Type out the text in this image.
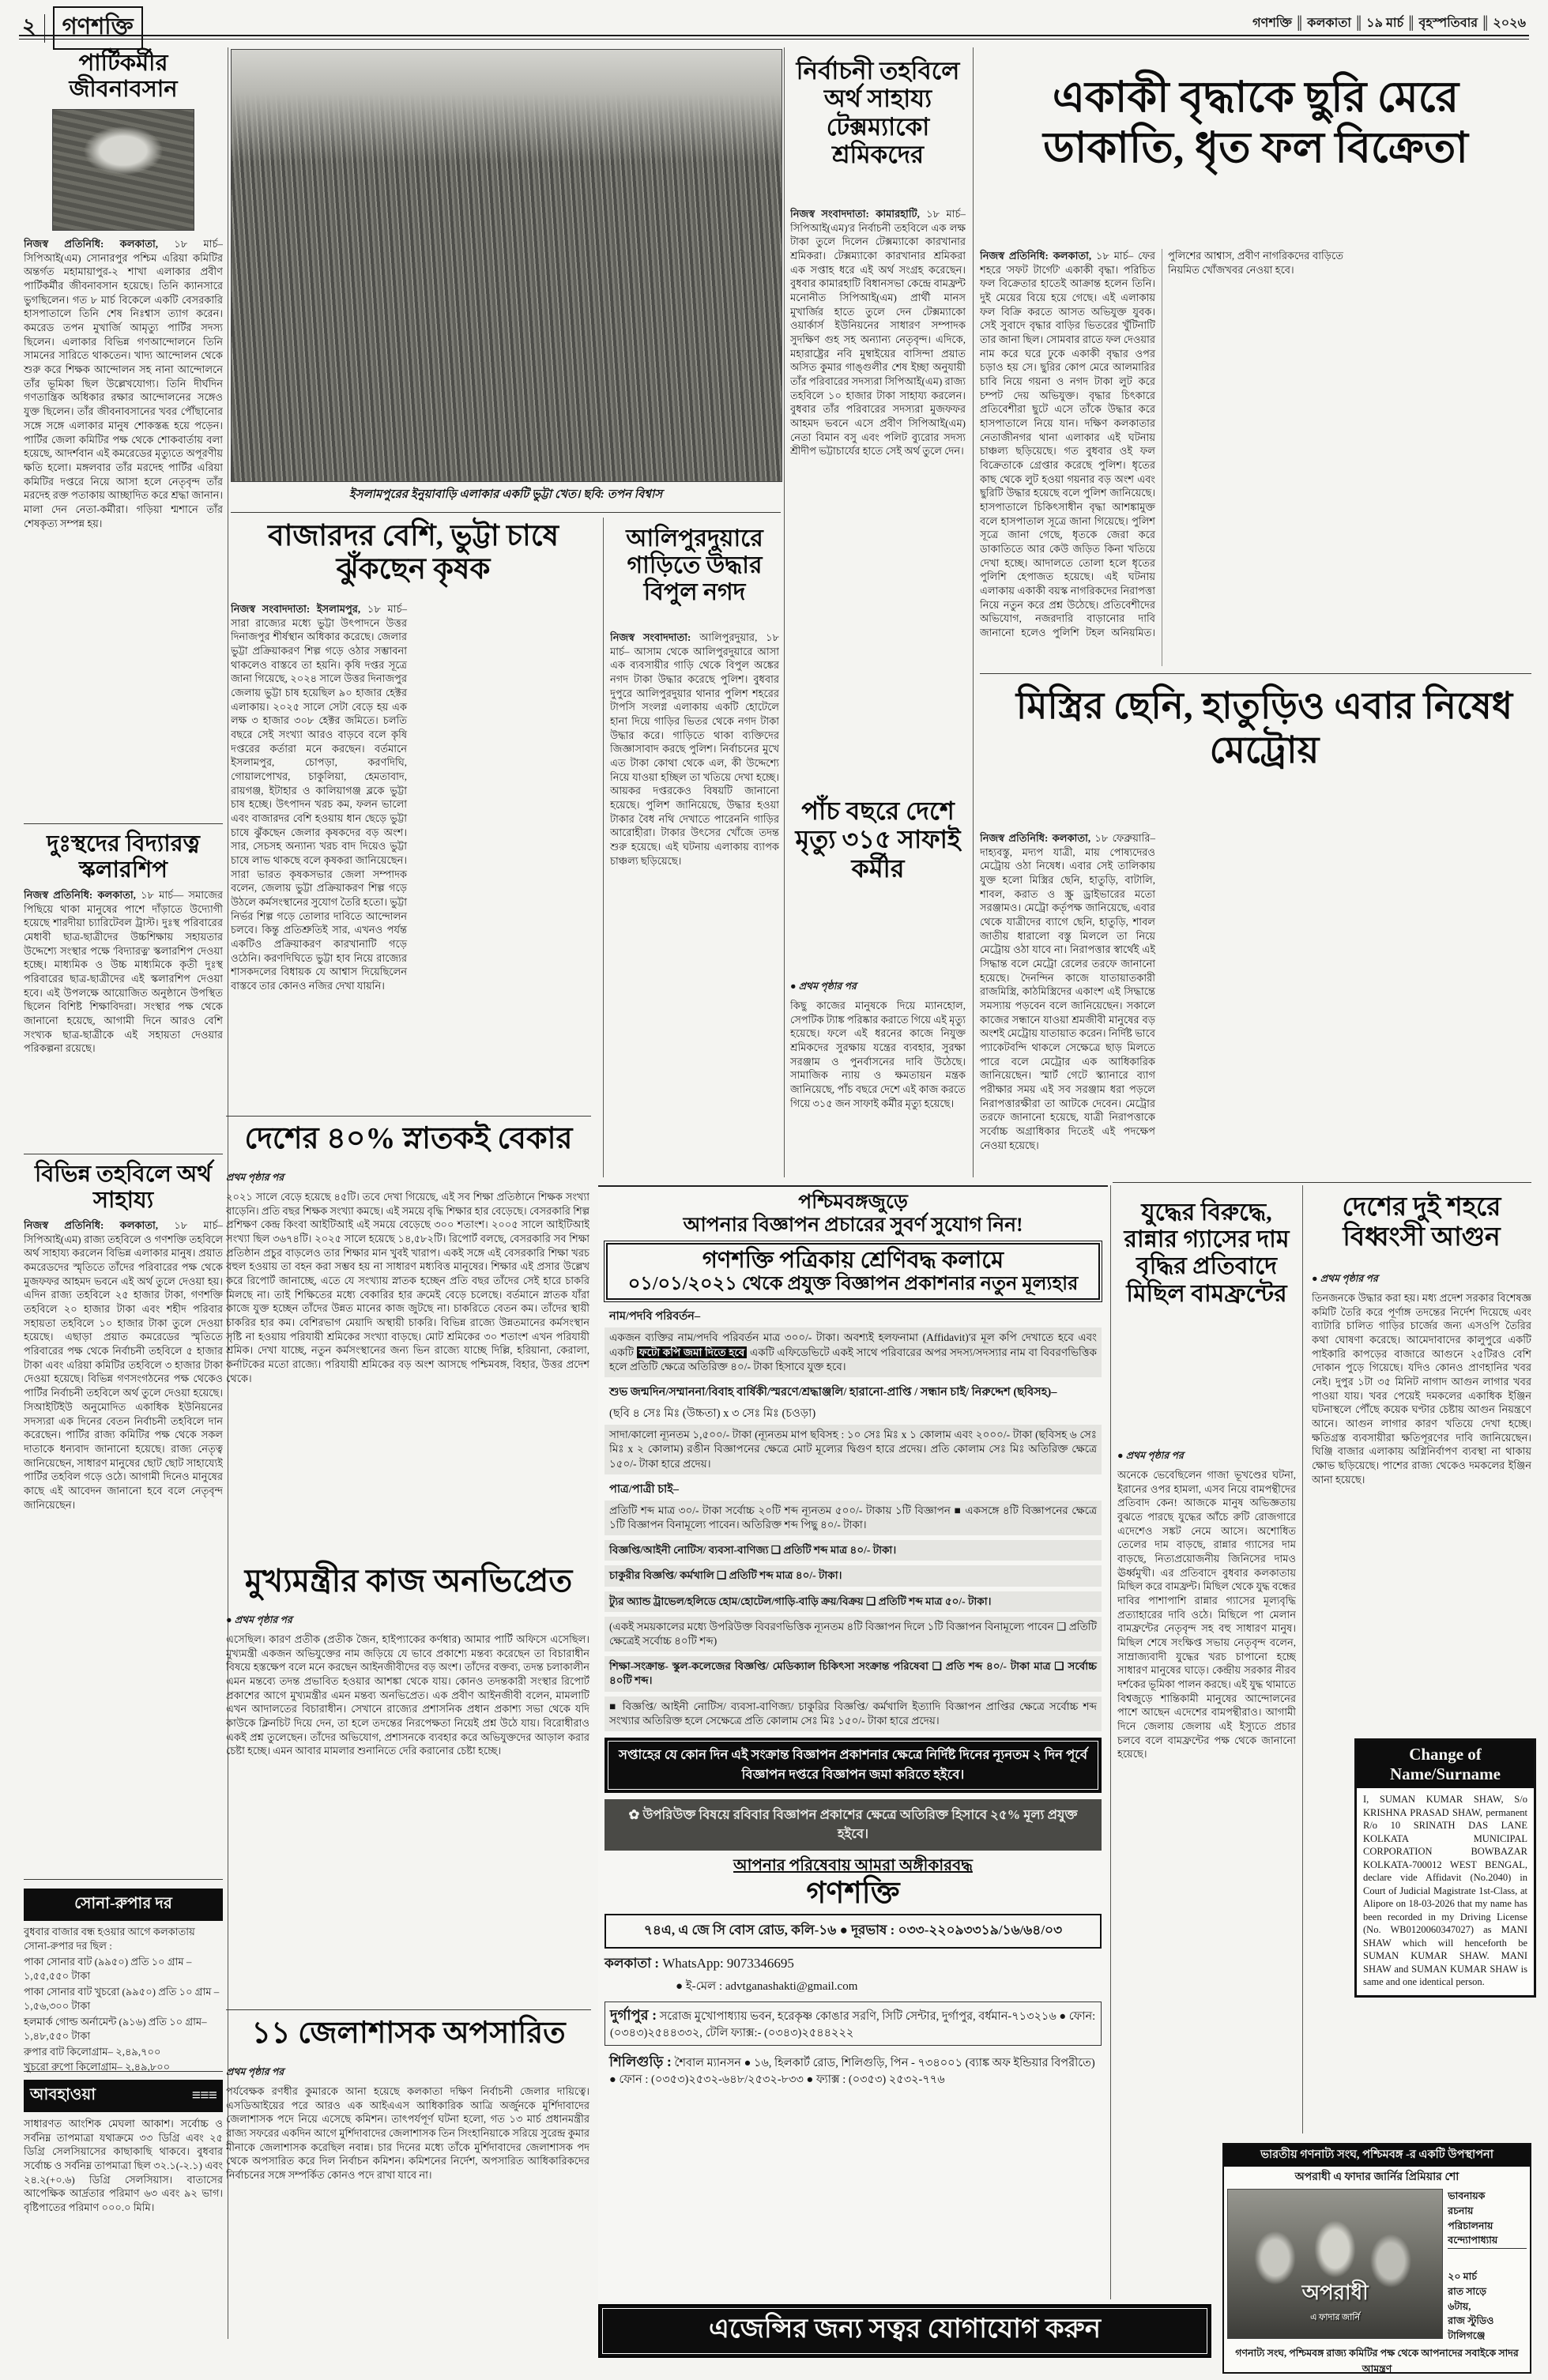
২	গণশক্তি	গণশক্তি ║ কলকাতা ║ ১৯ মার্চ ║ বৃহস্পতিবার ║ ২০২৬
পার্টিকর্মীর জীবনাবসান

নিজস্ব প্রতিনিধি: কলকাতা, ১৮ মার্চ– সিপিআই(এম) সোনারপুর পশ্চিম এরিয়া কমিটির অন্তর্গত মহামায়াপুর-২ শাখা এলাকার প্রবীণ পার্টিকর্মীর জীবনাবসান হয়েছে। তিনি ক্যানসারে ভুগছিলেন। গত ৮ মার্চ বিকেলে একটি বেসরকারি হাসপাতালে তিনি শেষ নিঃশ্বাস ত্যাগ করেন। কমরেড তপন মুখার্জি আমৃত্যু পার্টির সদস্য ছিলেন। এলাকার বিভিন্ন গণআন্দোলনে তিনি সামনের সারিতে থাকতেন। খাদ্য আন্দোলন থেকে শুরু করে শিক্ষক আন্দোলন সহ নানা আন্দোলনে তাঁর ভূমিকা ছিল উল্লেখযোগ্য। তিনি দীর্ঘদিন গণতান্ত্রিক অধিকার রক্ষার আন্দোলনের সঙ্গেও যুক্ত ছিলেন। তাঁর জীবনাবসানের খবর পৌঁছানোর সঙ্গে সঙ্গে এলাকার মানুষ শোকস্তব্ধ হয়ে পড়েন। পার্টির জেলা কমিটির পক্ষ থেকে শোকবার্তায় বলা হয়েছে, আদর্শবান এই কমরেডের মৃত্যুতে অপূরণীয় ক্ষতি হলো। মঙ্গলবার তাঁর মরদেহ পার্টির এরিয়া কমিটির দপ্তরে নিয়ে আসা হলে নেতৃবৃন্দ তাঁর মরদেহ রক্ত পতাকায় আচ্ছাদিত করে শ্রদ্ধা জানান। মালা দেন নেতা-কর্মীরা। গড়িয়া শ্মশানে তাঁর শেষকৃত্য সম্পন্ন হয়।

দুঃস্থদের বিদ্যারত্ন স্কলারশিপ

নিজস্ব প্রতিনিধি: কলকাতা, ১৮ মার্চ— সমাজের পিছিয়ে থাকা মানুষের পাশে দাঁড়াতে উদ্যোগী হয়েছে শারদীয়া চ্যারিটেবল ট্রাস্ট। দুঃস্থ পরিবারের মেধাবী ছাত্র-ছাত্রীদের উচ্চশিক্ষায় সহায়তার উদ্দেশ্যে সংস্থার পক্ষে 'বিদ্যারত্ন' স্কলারশিপ দেওয়া হচ্ছে। মাধ্যমিক ও উচ্চ মাধ্যমিকে কৃতী দুঃস্থ পরিবারের ছাত্র-ছাত্রীদের এই স্কলারশিপ দেওয়া হবে। এই উপলক্ষে আয়োজিত অনুষ্ঠানে উপস্থিত ছিলেন বিশিষ্ট শিক্ষাবিদরা। সংস্থার পক্ষ থেকে জানানো হয়েছে, আগামী দিনে আরও বেশি সংখ্যক ছাত্র-ছাত্রীকে এই সহায়তা দেওয়ার পরিকল্পনা রয়েছে।

বিভিন্ন তহবিলে অর্থ সাহায্য

নিজস্ব প্রতিনিধি: কলকাতা, ১৮ মার্চ– সিপিআই(এম) রাজ্য তহবিলে ও গণশক্তি তহবিলে অর্থ সাহায্য করলেন বিভিন্ন এলাকার মানুষ। প্রয়াত কমরেডদের স্মৃতিতে তাঁদের পরিবারের পক্ষ থেকে মুজফফর আহমদ ভবনে এই অর্থ তুলে দেওয়া হয়। এদিন রাজ্য তহবিলে ২৫ হাজার টাকা, গণশক্তি তহবিলে ২০ হাজার টাকা এবং শহীদ পরিবার সহায়তা তহবিলে ১০ হাজার টাকা তুলে দেওয়া হয়েছে। এছাড়া প্রয়াত কমরেডের স্মৃতিতে পরিবারের পক্ষ থেকে নির্বাচনী তহবিলে ৫ হাজার টাকা এবং এরিয়া কমিটির তহবিলে ৩ হাজার টাকা দেওয়া হয়েছে। বিভিন্ন গণসংগঠনের পক্ষ থেকেও পার্টির নির্বাচনী তহবিলে অর্থ তুলে দেওয়া হয়েছে। সিআইটিইউ অনুমোদিত একাধিক ইউনিয়নের সদস্যরা এক দিনের বেতন নির্বাচনী তহবিলে দান করেছেন। পার্টির রাজ্য কমিটির পক্ষ থেকে সকল দাতাকে ধন্যবাদ জানানো হয়েছে। রাজ্য নেতৃত্ব জানিয়েছেন, সাধারণ মানুষের ছোট ছোট সাহায্যেই পার্টির তহবিল গড়ে ওঠে। আগামী দিনেও মানুষের কাছে এই আবেদন জানানো হবে বলে নেতৃবৃন্দ জানিয়েছেন।

সোনা-রুপার দর
বুধবার বাজার বন্ধ হওয়ার আগে কলকাতায় সোনা-রুপার দর ছিল :
পাকা সোনার বাট (৯৯৫০) প্রতি ১০ গ্রাম – ১,৫৫,৫৫০ টাকা
পাকা সোনার বাট খুচরো (৯৯৫০) প্রতি ১০ গ্রাম – ১,৫৬,৩০০ টাকা
হলমার্ক গোল্ড অর্নামেন্ট (৯১৬) প্রতি ১০ গ্রাম– ১,৪৮,৫৫০ টাকা
রুপার বাট কিলোগ্রাম– ২,৪৯,৭০০
খুচরো রুপো কিলোগ্রাম– ২,৪৯,৮০০
আবহাওয়া	≡≡≡

সাধারণত আংশিক মেঘলা আকাশ। সর্বোচ্চ ও সর্বনিম্ন তাপমাত্রা যথাক্রমে ৩৩ ডিগ্রি এবং ২৫ ডিগ্রি সেলসিয়াসের কাছাকাছি থাকবে। বুধবার সর্বোচ্চ ও সর্বনিম্ন তাপমাত্রা ছিল ৩২.১(-২.১) এবং ২৪.২(+০.৬) ডিগ্রি সেলসিয়াস। বাতাসের আপেক্ষিক আর্দ্রতার পরিমাণ ৬৩ এবং ৯২ ভাগ। বৃষ্টিপাতের পরিমাণ ০০০.০ মিমি।

ইসলামপুরের ইনুয়াবাড়ি এলাকার একটি ভুট্টা খেত। ছবি: তপন বিশ্বাস
বাজারদর বেশি, ভুট্টা চাষে ঝুঁকছেন কৃষক
নিজস্ব সংবাদদাতা: ইসলামপুর, ১৮ মার্চ– সারা রাজ্যের মধ্যে ভুট্টা উৎপাদনে উত্তর দিনাজপুর শীর্ষস্থান অধিকার করেছে। জেলার ভুট্টা প্রক্রিয়াকরণ শিল্প গড়ে ওঠার সম্ভাবনা থাকলেও বাস্তবে তা হয়নি। কৃষি দপ্তর সূত্রে জানা গিয়েছে, ২০২৪ সালে উত্তর দিনাজপুর জেলায় ভুট্টা চাষ হয়েছিল ৯০ হাজার হেক্টর এলাকায়। ২০২৫ সালে সেটা বেড়ে হয় এক লক্ষ ৩ হাজার ৩০৮ হেক্টর জমিতে। চলতি বছরে সেই সংখ্যা আরও বাড়বে বলে কৃষি দপ্তরের কর্তারা মনে করছেন। বর্তমানে ইসলামপুর, চোপড়া, করণদিঘি, গোয়ালপোখর, চাকুলিয়া, হেমতাবাদ, রায়গঞ্জ, ইটাহার ও কালিয়াগঞ্জ ব্লকে ভুট্টা চাষ হচ্ছে। উৎপাদন খরচ কম, ফলন ভালো এবং বাজারদর বেশি হওয়ায় ধান ছেড়ে ভুট্টা চাষে ঝুঁকছেন জেলার কৃষকদের বড় অংশ। সার, সেচসহ অন্যান্য খরচ বাদ দিয়েও ভুট্টা চাষে লাভ থাকছে বলে কৃষকরা জানিয়েছেন। সারা ভারত কৃষকসভার জেলা সম্পাদক বলেন, জেলায় ভুট্টা প্রক্রিয়াকরণ শিল্প গড়ে উঠলে কর্মসংস্থানের সুযোগ তৈরি হতো। ভুট্টা নির্ভর শিল্প গড়ে তোলার দাবিতে আন্দোলন চলবে। কিন্তু প্রতিশ্রুতিই সার, এখনও পর্যন্ত একটিও প্রক্রিয়াকরণ কারখানাটি গড়ে ওঠেনি। করণদিঘিতে ভুট্টা হাব নিয়ে রাজ্যের শাসকদলের বিধায়ক যে আশ্বাস দিয়েছিলেন বাস্তবে তার কোনও নজির দেখা যায়নি।
দেশের ৪০% স্নাতকই বেকার
প্রথম পৃষ্ঠার পর

২০২১ সালে বেড়ে হয়েছে ৪৫টি। তবে দেখা গিয়েছে, এই সব শিক্ষা প্রতিষ্ঠানে শিক্ষক সংখ্যা বাড়েনি। প্রতি বছর শিক্ষক সংখ্যা কমছে। এই সময়ে বৃদ্ধি শিক্ষার হার বেড়েছে। বেসরকারি শিল্প প্রশিক্ষণ কেন্দ্র কিংবা আইটিআই এই সময়ে বেড়েছে ৩০০ শতাংশ। ২০০৫ সালে আইটিআই সংখ্যা ছিল ৩৬৭৪টি। ২০২৫ সালে হয়েছে ১৪,৫৮২টি। রিপোর্ট বলছে, বেসরকারি সব শিক্ষা প্রতিষ্ঠান প্রচুর বাড়লেও তার শিক্ষার মান খুবই খারাপ। একই সঙ্গে এই বেসরকারি শিক্ষা খরচ বহুল হওয়ায় তা বহন করা সম্ভব হয় না সাধারণ মধ্যবিত্ত মানুষের। শিক্ষার এই প্রসার উল্লেখ করে রিপোর্ট জানাচ্ছে, এতে যে সংখ্যায় স্নাতক হচ্ছেন প্রতি বছর তাঁদের সেই হারে চাকরি মিলছে না। তাই শিক্ষিতের মধ্যে বেকারির হার ক্রমেই বেড়ে চলেছে। বর্তমানে স্নাতক যাঁরা কাজে যুক্ত হচ্ছেন তাঁদের উন্নত মানের কাজ জুটছে না। চাকরিতে বেতন কম। তাঁদের স্থায়ী চাকরির হার কম। বেশিরভাগ মেয়াদি অস্থায়ী চাকরি। বিভিন্ন রাজ্যে উন্নতমানের কর্মসংস্থান সৃষ্টি না হওয়ায় পরিযায়ী শ্রমিকের সংখ্যা বাড়ছে। মোট শ্রমিকের ৩০ শতাংশ এখন পরিযায়ী শ্রমিক। দেখা যাচ্ছে, নতুন কর্মসংস্থানের জন্য ভিন রাজ্যে যাচ্ছে দিল্লি, হরিয়ানা, কেরালা, কর্নাটকের মতো রাজ্যে। পরিযায়ী শ্রমিকের বড় অংশ আসছে পশ্চিমবঙ্গ, বিহার, উত্তর প্রদেশ থেকে।

মুখ্যমন্ত্রীর কাজ অনভিপ্রেত
● প্রথম পৃষ্ঠার পর

এসেছিল। কারণ প্রতীক (প্রতীক জৈন, হাইপ্যাকের কর্ণধার) আমার পার্টি অফিসে এসেছিল। মুখ্যমন্ত্রী একজন অভিযুক্তের নাম জড়িয়ে যে ভাবে প্রকাশ্যে মন্তব্য করেছেন তা বিচারাধীন বিষয়ে হস্তক্ষেপ বলে মনে করছেন আইনজীবীদের বড় অংশ। তাঁদের বক্তব্য, তদন্ত চলাকালীন এমন মন্তব্যে তদন্ত প্রভাবিত হওয়ার আশঙ্কা থেকে যায়। কোনও তদন্তকারী সংস্থার রিপোর্ট প্রকাশের আগে মুখ্যমন্ত্রীর এমন মন্তব্য অনভিপ্রেত। এক প্রবীণ আইনজীবী বলেন, মামলাটি এখন আদালতের বিচারাধীন। সেখানে রাজ্যের প্রশাসনিক প্রধান প্রকাশ্য সভা থেকে যদি কাউকে ক্লিনচিট দিয়ে দেন, তা হলে তদন্তের নিরপেক্ষতা নিয়েই প্রশ্ন উঠে যায়। বিরোধীরাও একই প্রশ্ন তুলেছেন। তাঁদের অভিযোগ, প্রশাসনকে ব্যবহার করে অভিযুক্তদের আড়াল করার চেষ্টা হচ্ছে। এমন আবার মামলার শুনানিতে দেরি করানোর চেষ্টা হচ্ছে।

১১ জেলাশাসক অপসারিত
প্রথম পৃষ্ঠার পর

পর্যবেক্ষক রণধীর কুমারকে আনা হয়েছে কলকাতা দক্ষিণ নির্বাচনী জেলার দায়িত্বে। এসডিআইয়ের পরে আরও এক আইএএস আধিকারিক আত্রি অর্জুনকে মুর্শিদাবাদের জেলাশাসক পদে নিয়ে এসেছে কমিশন। তাৎপর্যপূর্ণ ঘটনা হলো, গত ১৩ মার্চ প্রধানমন্ত্রীর রাজ্য সফরের একদিন আগে মুর্শিদাবাদের জেলাশাসক তিন সিংহানিয়াকে সরিয়ে সুরেন্দ্র কুমার মীনাকে জেলাশাসক করেছিল নবান্ন। চার দিনের মধ্যে তাঁকে মুর্শিদাবাদের জেলাশাসক পদ থেকে অপসারিত করে দিল নির্বাচন কমিশন। কমিশনের নির্দেশ, অপসারিত আধিকারিকদের নির্বাচনের সঙ্গে সম্পর্কিত কোনও পদে রাখা যাবে না।

আলিপুরদুয়ারে গাড়িতে উদ্ধার বিপুল নগদ

নিজস্ব সংবাদদাতা: আলিপুরদুয়ার, ১৮ মার্চ– আসাম থেকে আলিপুরদুয়ারে আসা এক ব্যবসায়ীর গাড়ি থেকে বিপুল অঙ্কের নগদ টাকা উদ্ধার করেছে পুলিশ। বুধবার দুপুরে আলিপুরদুয়ার থানার পুলিশ শহরের টাপসি সংলগ্ন এলাকায় একটি হোটেলে হানা দিয়ে গাড়ির ভিতর থেকে নগদ টাকা উদ্ধার করে। গাড়িতে থাকা ব্যক্তিদের জিজ্ঞাসাবাদ করছে পুলিশ। নির্বাচনের মুখে এত টাকা কোথা থেকে এল, কী উদ্দেশ্যে নিয়ে যাওয়া হচ্ছিল তা খতিয়ে দেখা হচ্ছে। আয়কর দপ্তরকেও বিষয়টি জানানো হয়েছে। পুলিশ জানিয়েছে, উদ্ধার হওয়া টাকার বৈধ নথি দেখাতে পারেননি গাড়ির আরোহীরা। টাকার উৎসের খোঁজে তদন্ত শুরু হয়েছে। এই ঘটনায় এলাকায় ব্যাপক চাঞ্চল্য ছড়িয়েছে।

নির্বাচনী তহবিলে অর্থ সাহায্য টেক্সম্যাকো শ্রমিকদের

নিজস্ব সংবাদদাতা: কামারহাটি, ১৮ মার্চ– সিপিআই(এম)'র নির্বাচনী তহবিলে এক লক্ষ টাকা তুলে দিলেন টেক্সম্যাকো কারখানার শ্রমিকরা। টেক্সম্যাকো কারখানার শ্রমিকরা এক সপ্তাহ ধরে এই অর্থ সংগ্রহ করেছেন। বুধবার কামারহাটি বিধানসভা কেন্দ্রে বামফ্রন্ট মনোনীত সিপিআই(এম) প্রার্থী মানস মুখার্জির হাতে তুলে দেন টেক্সম্যাকো ওয়ার্কার্স ইউনিয়নের সাধারণ সম্পাদক সুদক্ষিণ গুহ সহ অন্যান্য নেতৃবৃন্দ। এদিকে, মহারাষ্ট্রের নবি মুম্বাইয়ের বাসিন্দা প্রয়াত অসিত কুমার গাঙ্গুলীর শেষ ইচ্ছা অনুযায়ী তাঁর পরিবারের সদস্যরা সিপিআই(এম) রাজ্য তহবিলে ১০ হাজার টাকা সাহায্য করলেন। বুধবার তাঁর পরিবারের সদস্যরা মুজফফর আহমদ ভবনে এসে প্রবীণ সিপিআই(এম) নেতা বিমান বসু এবং পলিট ব্যুরোর সদস্য শ্রীদীপ ভট্টাচার্যের হাতে সেই অর্থ তুলে দেন।

পাঁচ বছরে দেশে মৃত্যু ৩১৫ সাফাই কর্মীর
● প্রথম পৃষ্ঠার পর

কিছু কাজের মানুষকে দিয়ে ম্যানহোল, সেপটিক ট্যাঙ্ক পরিষ্কার করাতে গিয়ে এই মৃত্যু হয়েছে। ফলে এই ধরনের কাজে নিযুক্ত শ্রমিকদের সুরক্ষায় যন্ত্রের ব্যবহার, সুরক্ষা সরঞ্জাম ও পুনর্বাসনের দাবি উঠেছে। সামাজিক ন্যায় ও ক্ষমতায়ন মন্ত্রক জানিয়েছে, পাঁচ বছরে দেশে এই কাজ করতে গিয়ে ৩১৫ জন সাফাই কর্মীর মৃত্যু হয়েছে।

একাকী বৃদ্ধাকে ছুরি মেরে ডাকাতি, ধৃত ফল বিক্রেতা
নিজস্ব প্রতিনিধি: কলকাতা, ১৮ মার্চ– ফের শহরে 'সফট টার্গেট' একাকী বৃদ্ধা। পরিচিত ফল বিক্রেতার হাতেই আক্রান্ত হলেন তিনি। দুই মেয়ের বিয়ে হয়ে গেছে। এই এলাকায় ফল বিক্রি করতে আসত অভিযুক্ত যুবক। সেই সুবাদে বৃদ্ধার বাড়ির ভিতরের খুঁটিনাটি তার জানা ছিল। সোমবার রাতে ফল দেওয়ার নাম করে ঘরে ঢুকে একাকী বৃদ্ধার ওপর চড়াও হয় সে। ছুরির কোপ মেরে আলমারির চাবি নিয়ে গয়না ও নগদ টাকা লুট করে চম্পট দেয় অভিযুক্ত। বৃদ্ধার চিৎকারে প্রতিবেশীরা ছুটে এসে তাঁকে উদ্ধার করে হাসপাতালে নিয়ে যান। দক্ষিণ কলকাতার নেতাজীনগর থানা এলাকার এই ঘটনায় চাঞ্চল্য ছড়িয়েছে। গত বুধবার ওই ফল বিক্রেতাকে গ্রেপ্তার করেছে পুলিশ। ধৃতের কাছ থেকে লুট হওয়া গয়নার বড় অংশ এবং ছুরিটি উদ্ধার হয়েছে বলে পুলিশ জানিয়েছে। হাসপাতালে চিকিৎসাধীন বৃদ্ধা আশঙ্কামুক্ত বলে হাসপাতাল সূত্রে জানা গিয়েছে। পুলিশ সূত্রে জানা গেছে, ধৃতকে জেরা করে ডাকাতিতে আর কেউ জড়িত কিনা খতিয়ে দেখা হচ্ছে। আদালতে তোলা হলে ধৃতের পুলিশি হেপাজত হয়েছে। এই ঘটনায় এলাকায় একাকী বয়স্ক নাগরিকদের নিরাপত্তা নিয়ে নতুন করে প্রশ্ন উঠেছে। প্রতিবেশীদের অভিযোগ, নজরদারি বাড়ানোর দাবি জানানো হলেও পুলিশি টহল অনিয়মিত। পুলিশের আশ্বাস, প্রবীণ নাগরিকদের বাড়িতে নিয়মিত খোঁজখবর নেওয়া হবে।
মিস্ত্রির ছেনি, হাতুড়িও এবার নিষেধ মেট্রোয়
নিজস্ব প্রতিনিধি: কলকাতা, ১৮ ফেব্রুয়ারি– দাহ্যবস্তু, মদ্যপ যাত্রী, মায় পোষ্যদেরও মেট্রোয় ওঠা নিষেধ। এবার সেই তালিকায় যুক্ত হলো মিস্ত্রির ছেনি, হাতুড়ি, বাটালি, শাবল, করাত ও স্ক্রু ড্রাইভারের মতো সরঞ্জামও। মেট্রো কর্তৃপক্ষ জানিয়েছে, এবার থেকে যাত্রীদের ব্যাগে ছেনি, হাতুড়ি, শাবল জাতীয় ধারালো বস্তু মিললে তা নিয়ে মেট্রোয় ওঠা যাবে না। নিরাপত্তার স্বার্থেই এই সিদ্ধান্ত বলে মেট্রো রেলের তরফে জানানো হয়েছে। দৈনন্দিন কাজে যাতায়াতকারী রাজমিস্ত্রি, কাঠমিস্ত্রিদের একাংশ এই সিদ্ধান্তে সমস্যায় পড়বেন বলে জানিয়েছেন। সকালে কাজের সন্ধানে যাওয়া শ্রমজীবী মানুষের বড় অংশই মেট্রোয় যাতায়াত করেন। নির্দিষ্ট ভাবে প্যাকেটবন্দি থাকলে সেক্ষেত্রে ছাড় মিলতে পারে বলে মেট্রোর এক আধিকারিক জানিয়েছেন। স্মার্ট গেটে স্ক্যানারে ব্যাগ পরীক্ষার সময় এই সব সরঞ্জাম ধরা পড়লে নিরাপত্তারক্ষীরা তা আটকে দেবেন। মেট্রোর তরফে জানানো হয়েছে, যাত্রী নিরাপত্তাকে সর্বোচ্চ অগ্রাধিকার দিতেই এই পদক্ষেপ নেওয়া হয়েছে।
যুদ্ধের বিরুদ্ধে, রান্নার গ্যাসের দাম বৃদ্ধির প্রতিবাদে মিছিল বামফ্রন্টের
● প্রথম পৃষ্ঠার পর

অনেকে ভেবেছিলেন গাজা ভূখণ্ডের ঘটনা, ইরানের ওপর হামলা, এসব নিয়ে বামপন্থীদের প্রতিবাদ কেন! আজকে মানুষ অভিজ্ঞতায় বুঝতে পারছে যুদ্ধের আঁচে রুটি রোজগারে এদেশেও সঙ্কট নেমে আসে। অশোধিত তেলের দাম বাড়ছে, রান্নার গ্যাসের দাম বাড়ছে, নিত্যপ্রয়োজনীয় জিনিসের দামও ঊর্ধ্বমুখী। এর প্রতিবাদে বুধবার কলকাতায় মিছিল করে বামফ্রন্ট। মিছিল থেকে যুদ্ধ বন্ধের দাবির পাশাপাশি রান্নার গ্যাসের মূল্যবৃদ্ধি প্রত্যাহারের দাবি ওঠে। মিছিলে পা মেলান বামফ্রন্টের নেতৃবৃন্দ সহ বহু সাধারণ মানুষ। মিছিল শেষে সংক্ষিপ্ত সভায় নেতৃবৃন্দ বলেন, সাম্রাজ্যবাদী যুদ্ধের খরচ চাপানো হচ্ছে সাধারণ মানুষের ঘাড়ে। কেন্দ্রীয় সরকার নীরব দর্শকের ভূমিকা পালন করছে। এই যুদ্ধ থামাতে বিশ্বজুড়ে শান্তিকামী মানুষের আন্দোলনের পাশে আছেন এদেশের বামপন্থীরাও। আগামী দিনে জেলায় জেলায় এই ইস্যুতে প্রচার চলবে বলে বামফ্রন্টের পক্ষ থেকে জানানো হয়েছে।

দেশের দুই শহরে বিধ্বংসী আগুন
● প্রথম পৃষ্ঠার পর

তিনজনকে উদ্ধার করা হয়। মধ্য প্রদেশ সরকার বিশেষজ্ঞ কমিটি তৈরি করে পূর্ণাঙ্গ তদন্তের নির্দেশ দিয়েছে এবং ব্যাটারি চালিত গাড়ির চার্জের জন্য এসওপি তৈরির কথা ঘোষণা করেছে। আমেদাবাদের কালুপুরে একটি পাইকারি কাপড়ের বাজারে আগুনে ২৫টিরও বেশি দোকান পুড়ে গিয়েছে। যদিও কোনও প্রাণহানির খবর নেই। দুপুর ১টা ৩৫ মিনিট নাগাদ আগুন লাগার খবর পাওয়া যায়। খবর পেয়েই দমকলের একাধিক ইঞ্জিন ঘটনাস্থলে পৌঁছে কয়েক ঘণ্টার চেষ্টায় আগুন নিয়ন্ত্রণে আনে। আগুন লাগার কারণ খতিয়ে দেখা হচ্ছে। ক্ষতিগ্রস্ত ব্যবসায়ীরা ক্ষতিপূরণের দাবি জানিয়েছেন। ঘিঞ্জি বাজার এলাকায় অগ্নিনির্বাপণ ব্যবস্থা না থাকায় ক্ষোভ ছড়িয়েছে। পাশের রাজ্য থেকেও দমকলের ইঞ্জিন আনা হয়েছে।

Change of Name/Surname

I, SUMAN KUMAR SHAW, S/o KRISHNA PRASAD SHAW, permanent R/o 10 SRINATH DAS LANE KOLKATA MUNICIPAL CORPORATION BOWBAZAR KOLKATA-700012 WEST BENGAL, declare vide Affidavit (No.2040) in Court of Judicial Magistrate 1st-Class, at Alipore on 18-03-2026 that my name has been recorded in my Driving License (No. WB0120060347027) as MANI SHAW which will henceforth be SUMAN KUMAR SHAW. MANI SHAW and SUMAN KUMAR SHAW is same and one identical person.

পশ্চিমবঙ্গজুড়ে
আপনার বিজ্ঞাপন প্রচারের সুবর্ণ সুযোগ নিন!
গণশক্তি পত্রিকায় শ্রেণিবদ্ধ কলামে
০১/০১/২০২১ থেকে প্রযুক্ত বিজ্ঞাপন প্রকাশনার নতুন মূল্যহার
নাম/পদবি পরিবর্তন–
একজন ব্যক্তির নাম/পদবি পরিবর্তন মাত্র ৩০০/- টাকা। অবশ্যই হলফনামা (Affidavit)'র মূল কপি দেখাতে হবে এবং একটি ফটো কপি জমা দিতে হবে একটি এফিডেভিটে একই সাথে পরিবারের অপর সদস্য/সদস্যার নাম বা বিবরণভিত্তিক হলে প্রতিটি ক্ষেত্রে অতিরিক্ত ৪০/- টাকা হিসাবে যুক্ত হবে।
শুভ জন্মদিন/সম্মাননা/বিবাহ বার্ষিকী/স্মরণে/শ্রদ্ধাঞ্জলি/ হারানো-প্রাপ্তি / সন্ধান চাই/ নিরুদ্দেশ (ছবিসহ)–
(ছবি ৪ সেঃ মিঃ (উচ্চতা) x ৩ সেঃ মিঃ (চওড়া)
সাদা/কালো ন্যূনতম ১,৫০০/- টাকা (ন্যূনতম মাপ ছবিসহ : ১০ সেঃ মিঃ x ১ কোলাম এবং ২০০০/- টাকা (ছবিসহ ৬ সেঃ মিঃ x ২ কোলাম) রঙীন বিজ্ঞাপনের ক্ষেত্রে মোট মূল্যের দ্বিগুণ হারে প্রদেয়। প্রতি কোলাম সেঃ মিঃ অতিরিক্ত ক্ষেত্রে ১৫০/- টাকা হারে প্রদেয়।
পাত্র/পাত্রী চাই–
প্রতিটি শব্দ মাত্র ৩০/- টাকা সর্বোচ্চ ২০টি শব্দ ন্যূনতম ৫০০/- টাকায় ১টি বিজ্ঞাপন ■ একসঙ্গে ৪টি বিজ্ঞাপনের ক্ষেত্রে ১টি বিজ্ঞাপন বিনামূল্যে পাবেন। অতিরিক্ত শব্দ পিছু ৪০/- টাকা।
বিজ্ঞপ্তি/আইনী নোটিস/ ব্যবসা-বাণিজ্য ❑ প্রতিটি শব্দ মাত্র ৪০/- টাকা।
চাকুরীর বিজ্ঞপ্তি/ কর্মখালি ❑ প্রতিটি শব্দ মাত্র ৪০/- টাকা।
ট্যুর অ্যান্ড ট্রাভেল/হলিডে হোম/হোটেল/গাড়ি-বাড়ি ক্রয়/বিক্রয় ❑ প্রতিটি শব্দ মাত্র ৫০/- টাকা।
(একই সময়কালের মধ্যে উপরিউক্ত বিবরণভিত্তিক ন্যূনতম ৪টি বিজ্ঞাপন দিলে ১টি বিজ্ঞাপন বিনামূল্যে পাবেন ❑ প্রতিটি ক্ষেত্রেই সর্বোচ্চ ৪০টি শব্দ)
শিক্ষা-সংক্রান্ত- স্কুল-কলেজের বিজ্ঞপ্তি/ মেডিক্যাল চিকিৎসা সংক্রান্ত পরিষেবা ❑ প্রতি শব্দ ৪০/- টাকা মাত্র ❑ সর্বোচ্চ ৪০টি শব্দ।
■ বিজ্ঞপ্তি/ আইনী নোটিস/ ব্যবসা-বাণিজ্য/ চাকুরির বিজ্ঞপ্তি/ কর্মখালি ইত্যাদি বিজ্ঞাপন প্রাপ্তির ক্ষেত্রে সর্বোচ্চ শব্দ সংখ্যার অতিরিক্ত হলে সেক্ষেত্রে প্রতি কোলাম সেঃ মিঃ ১৫০/- টাকা হারে প্রদেয়।
সপ্তাহের যে কোন দিন এই সংক্রান্ত বিজ্ঞাপন প্রকাশনার ক্ষেত্রে নির্দিষ্ট দিনের ন্যূনতম ২ দিন পূর্বে বিজ্ঞাপন দপ্তরে বিজ্ঞাপন জমা করিতে হইবে।
✿ উপরিউক্ত বিষয়ে রবিবার বিজ্ঞাপন প্রকাশের ক্ষেত্রে অতিরিক্ত হিসাবে ২৫% মূল্য প্রযুক্ত হইবে।
আপনার পরিষেবায় আমরা অঙ্গীকারবদ্ধ
গণশক্তি
৭৪এ, এ জে সি বোস রোড, কলি-১৬ ● দূরভাষ : ০৩৩-২২০৯৩৩১৯/১৬/৬৪/০৩
কলকাতা : WhatsApp: 9073346695
● ই-মেল : advtganashakti@gmail.com
দুর্গাপুর : সরোজ মুখোপাধ্যায় ভবন, হরেকৃষ্ণ কোঙার সরণি, সিটি সেন্টার, দুর্গাপুর, বর্ধমান-৭১৩২১৬ ● ফোন: (০৩৪৩)২৫৪৪৩৩২, টেলি ফ্যাক্স:- (০৩৪৩)২৫৪৪২২২
শিলিগুড়ি : শৈবাল ম্যানসন ● ১৬, হিলকার্ট রোড, শিলিগুড়ি, পিন - ৭৩৪০০১ (ব্যাঙ্ক অফ ইন্ডিয়ার বিপরীতে) ● ফোন : (০৩৫৩)২৫৩২-৬৪৮/২৫৩২-৮৩৩ ● ফ্যাক্স : (০৩৫৩) ২৫৩২-৭৭৬
এজেন্সির জন্য সত্বর যোগাযোগ করুন
ভারতীয় গণনাট্য সংঘ, পশ্চিমবঙ্গ -র একটি উপস্থাপনা
অপরাধী এ ফাদার জার্নির প্রিমিয়ার শো
অপরাধী
এ ফাদার জার্নি
ভাবনায়ক
রচনায়
পরিচালনায়
বন্দ্যোপাধ্যায়
২০ মার্চ
রাত সাড়ে
৬টায়,
রাজ স্টুডিও
টালিগঞ্জে
গণনাট্য সংঘ, পশ্চিমবঙ্গ রাজ্য কমিটির পক্ষ থেকে আপনাদের সবাইকে সাদর আমন্ত্রণ
